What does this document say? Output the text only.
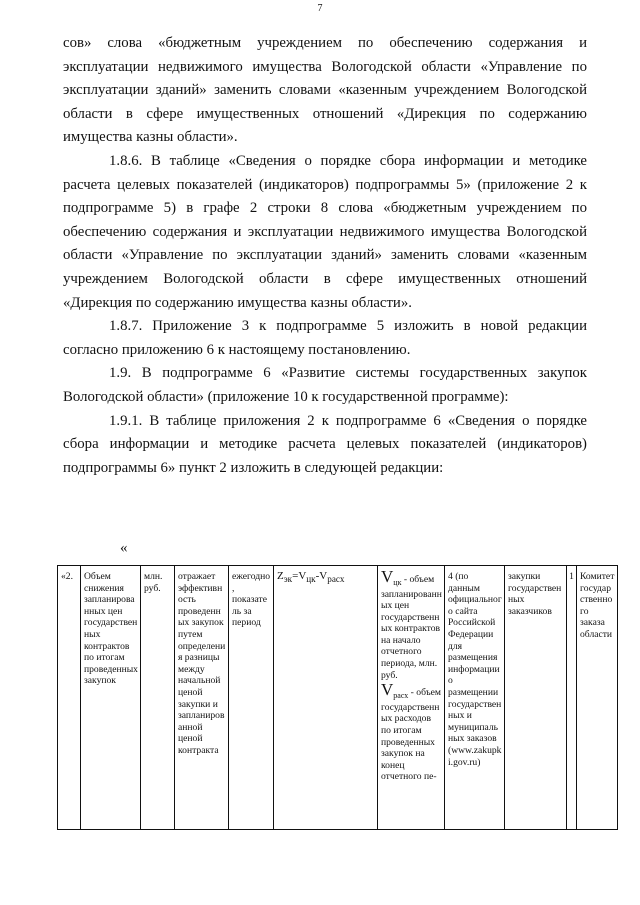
7

сов» слова «бюджетным учреждением по обеспечению содержания и эксплуатации недвижимого имущества Вологодской области «Управление по эксплуатации зданий» заменить словами «казенным учреждением Вологодской области в сфере имущественных отношений «Дирекция по содержанию имущества казны области».

1.8.6. В таблице «Сведения о порядке сбора информации и методике расчета целевых показателей (индикаторов) подпрограммы 5» (приложение 2 к подпрограмме 5) в графе 2 строки 8 слова «бюджетным учреждением по обеспечению содержания и эксплуатации недвижимого имущества Вологодской области «Управление по эксплуатации зданий» заменить словами «казенным учреждением Вологодской области в сфере имущественных отношений «Дирекция по содержанию имущества казны области».

1.8.7. Приложение 3 к подпрограмме 5 изложить в новой редакции согласно приложению 6 к настоящему постановлению.

1.9. В подпрограмме 6 «Развитие системы государственных закупок Вологодской области» (приложение 10 к государственной программе):

1.9.1. В таблице приложения 2 к подпрограмме 6 «Сведения о порядке сбора информации и методике расчета целевых показателей (индикаторов) подпрограммы 6» пункт 2 изложить в следующей редакции:

«
«2.	Объем снижения запланированных цен государственных контрактов по итогам проведенных закупок	млн. руб.	отражает эффективность проведенных закупок путем определения разницы между начальной ценой закупки и запланированной ценой контракта	ежегодно, показатель за период	$Z_{эк}=V_{цк}-V_{расх}$	$V_{цк}$ - объем запланированных цен государственных контрактов на начало отчетного периода, млн. руб.
$V_{расх}$ - объем государственных расходов по итогам проведенных закупок на конец отчетного пе-
	4 (по данным официального сайта Российской Федерации для размещения информации о размещении государственных и муниципальных заказов (www.zakupki.gov.ru)	закупки государственных заказчиков	1	Комитет государственного заказа области
